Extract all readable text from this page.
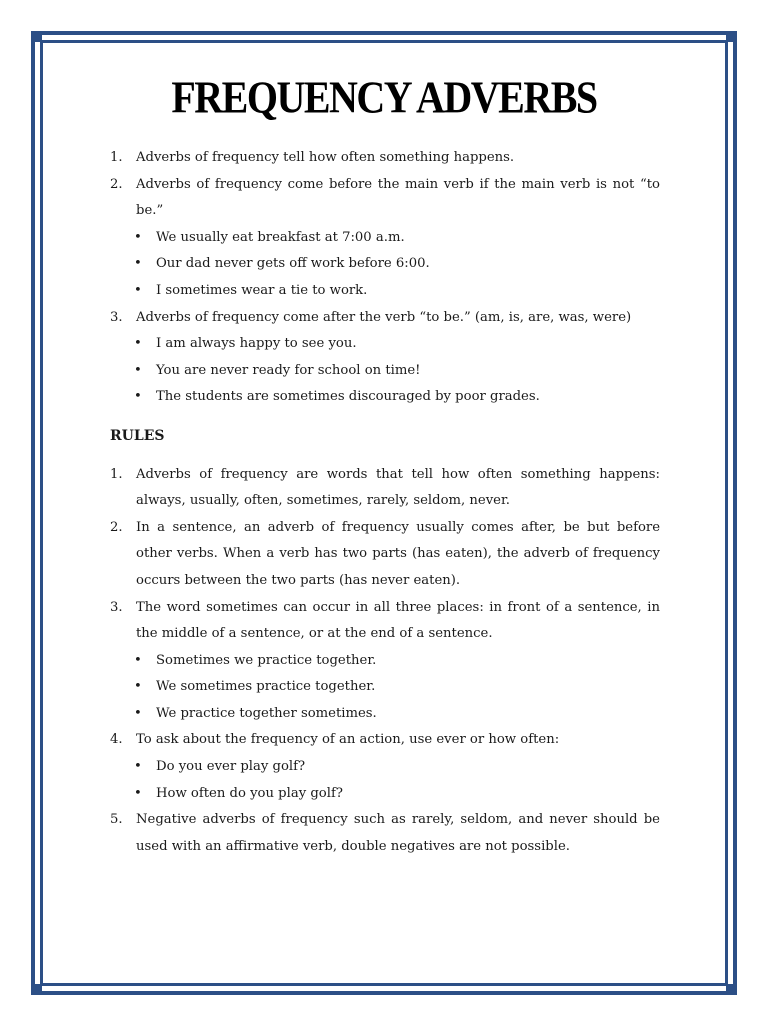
FREQUENCY ADVERBS
1. Adverbs of frequency tell how often something happens.
2. Adverbs of frequency come before the main verb if the main verb is not “to be.”
• We usually eat breakfast at 7:00 a.m.
• Our dad never gets off work before 6:00.
• I sometimes wear a tie to work.
3. Adverbs of frequency come after the verb “to be.” (am, is, are, was, were)
• I am always happy to see you.
• You are never ready for school on time!
• The students are sometimes discouraged by poor grades.
RULES
1. Adverbs of frequency are words that tell how often something happens: always, usually, often, sometimes, rarely, seldom, never.
2. In a sentence, an adverb of frequency usually comes after, be but before other verbs. When a verb has two parts (has eaten), the adverb of frequency occurs between the two parts (has never eaten).
3. The word sometimes can occur in all three places: in front of a sentence, in the middle of a sentence, or at the end of a sentence.
• Sometimes we practice together.
• We sometimes practice together.
• We practice together sometimes.
4. To ask about the frequency of an action, use ever or how often:
• Do you ever play golf?
• How often do you play golf?
5. Negative adverbs of frequency such as rarely, seldom, and never should be used with an affirmative verb, double negatives are not possible.
